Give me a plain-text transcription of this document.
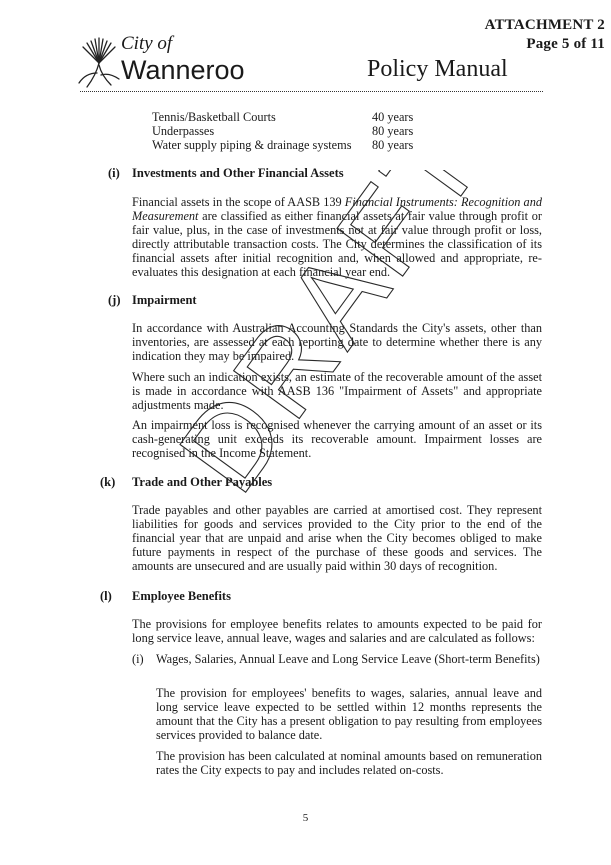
ATTACHMENT 2
Page 5 of 11
City of
Wanneroo	Policy Manual
Tennis/Basketball Courts	40 years
Underpasses	80 years
Water supply piping & drainage systems 80 years
(i) Investments and Other Financial Assets
Financial assets in the scope of AASB 139 Financial Instruments: Recognition and Measurement are classified as either financial assets at fair value through profit or fair value, plus, in the case of investments not at fair value through profit or loss, directly attributable transaction costs. The City determines the classification of its financial assets after initial recognition and, when allowed and appropriate, re-evaluates this designation at each financial year end.
(j) Impairment
In accordance with Australian Accounting Standards the City's assets, other than inventories, are assessed at each reporting date to determine whether there is any indication they may be impaired.
Where such an indication exists, an estimate of the recoverable amount of the asset is made in accordance with AASB 136 "Impairment of Assets" and appropriate adjustments made.
An impairment loss is recognised whenever the carrying amount of an asset or its cash-generating unit exceeds its recoverable amount. Impairment losses are recognised in the Income Statement.
(k) Trade and Other Payables
Trade payables and other payables are carried at amortised cost. They represent liabilities for goods and services provided to the City prior to the end of the financial year that are unpaid and arise when the City becomes obliged to make future payments in respect of the purchase of these goods and services. The amounts are unsecured and are usually paid within 30 days of recognition.
(l) Employee Benefits
The provisions for employee benefits relates to amounts expected to be paid for long service leave, annual leave, wages and salaries and are calculated as follows:
(i) Wages, Salaries, Annual Leave and Long Service Leave (Short-term Benefits)
The provision for employees' benefits to wages, salaries, annual leave and long service leave expected to be settled within 12 months represents the amount that the City has a present obligation to pay resulting from employees services provided to balance date.
The provision has been calculated at nominal amounts based on remuneration rates the City expects to pay and includes related on-costs.
5
DRAFT
